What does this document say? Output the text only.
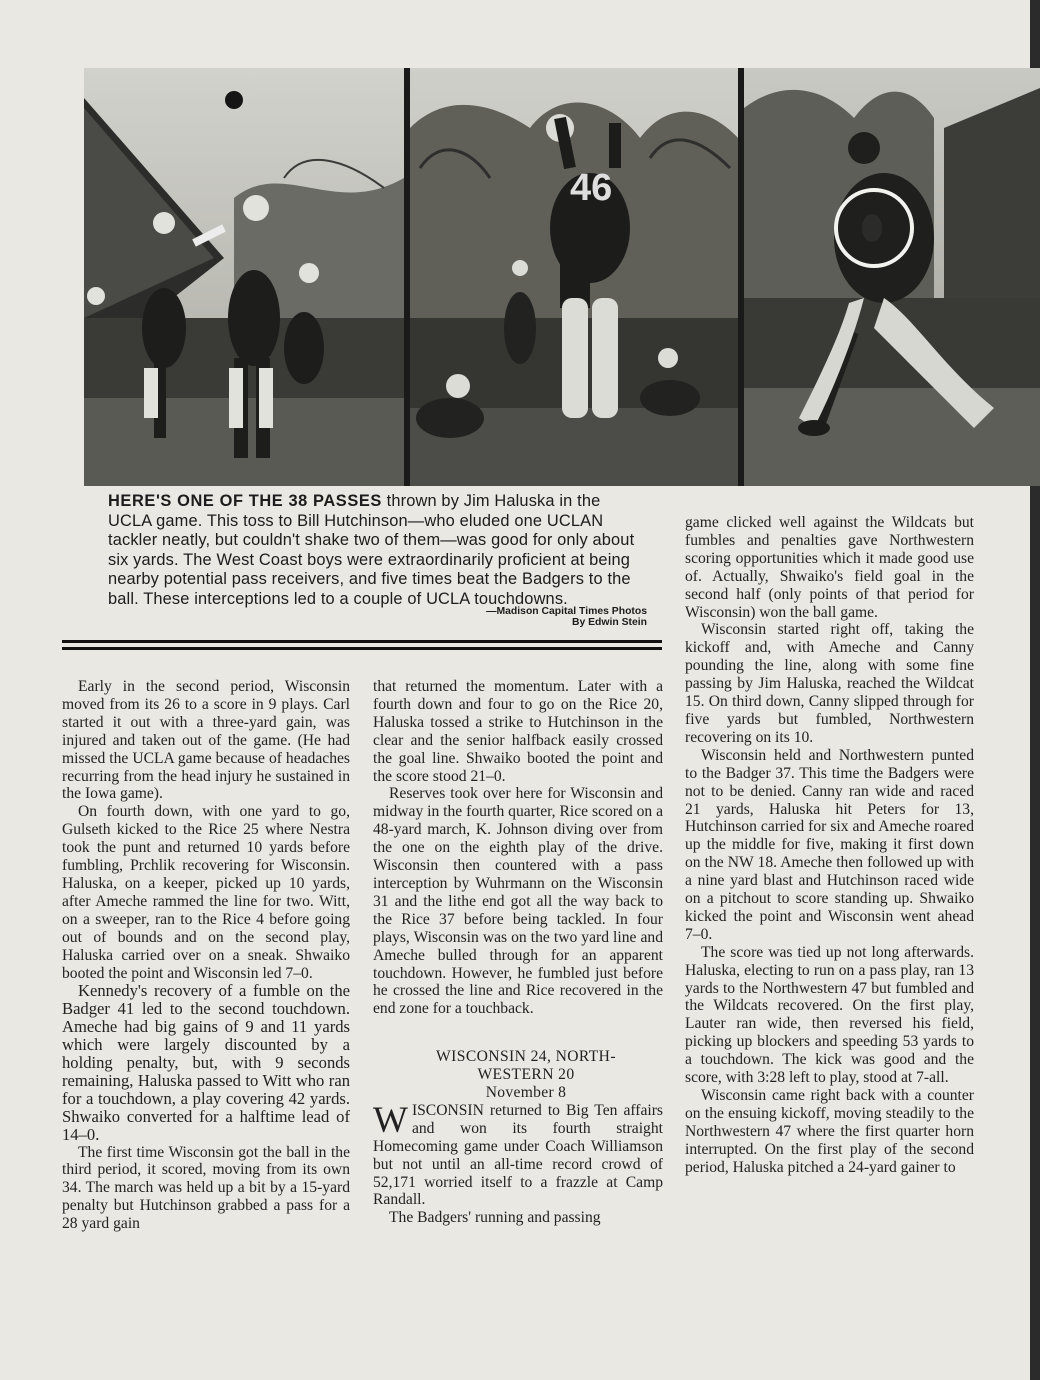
46
HERE'S ONE OF THE 38 PASSES thrown by Jim Haluska in the UCLA game. This toss to Bill Hutchinson—who eluded one UCLAN tackler neatly, but couldn't shake two of them—was good for only about six yards. The West Coast boys were extraordinarily proficient at being nearby potential pass receivers, and five times beat the Badgers to the ball. These interceptions led to a couple of UCLA touchdowns.
—Madison Capital Times Photos
By Edwin Stein

Early in the second period, Wisconsin moved from its 26 to a score in 9 plays. Carl started it out with a three-yard gain, was injured and taken out of the game. (He had missed the UCLA game because of headaches recurring from the head injury he sustained in the Iowa game).

On fourth down, with one yard to go, Gulseth kicked to the Rice 25 where Nestra took the punt and returned 10 yards before fumbling, Prchlik recovering for Wisconsin. Haluska, on a keeper, picked up 10 yards, after Ameche rammed the line for two. Witt, on a sweeper, ran to the Rice 4 before going out of bounds and on the second play, Haluska carried over on a sneak. Shwaiko booted the point and Wisconsin led 7–0.

Kennedy's recovery of a fumble on the Badger 41 led to the second touchdown. Ameche had big gains of 9 and 11 yards which were largely discounted by a holding penalty, but, with 9 seconds remaining, Haluska passed to Witt who ran for a touchdown, a play covering 42 yards. Shwaiko converted for a halftime lead of 14–0.

The first time Wisconsin got the ball in the third period, it scored, moving from its own 34. The march was held up a bit by a 15-yard penalty but Hutchinson grabbed a pass for a 28 yard gain

that returned the momentum. Later with a fourth down and four to go on the Rice 20, Haluska tossed a strike to Hutchinson in the clear and the senior halfback easily crossed the goal line. Shwaiko booted the point and the score stood 21–0.

Reserves took over here for Wisconsin and midway in the fourth quarter, Rice scored on a 48-yard march, K. Johnson diving over from the one on the eighth play of the drive. Wisconsin then countered with a pass interception by Wuhrmann on the Wisconsin 31 and the lithe end got all the way back to the Rice 37 before being tackled. In four plays, Wisconsin was on the two yard line and Ameche bulled through for an apparent touchdown. However, he fumbled just before he crossed the line and Rice recovered in the end zone for a touchback.

WISCONSIN 24, NORTH-

WESTERN 20

November 8

WISCONSIN returned to Big Ten affairs and won its fourth straight Homecoming game under Coach Williamson but not until an all-time record crowd of 52,171 worried itself to a frazzle at Camp Randall.

The Badgers' running and passing

game clicked well against the Wildcats but fumbles and penalties gave Northwestern scoring opportunities which it made good use of. Actually, Shwaiko's field goal in the second half (only points of that period for Wisconsin) won the ball game.

Wisconsin started right off, taking the kickoff and, with Ameche and Canny pounding the line, along with some fine passing by Jim Haluska, reached the Wildcat 15. On third down, Canny slipped through for five yards but fumbled, Northwestern recovering on its 10.

Wisconsin held and Northwestern punted to the Badger 37. This time the Badgers were not to be denied. Canny ran wide and raced 21 yards, Haluska hit Peters for 13, Hutchinson carried for six and Ameche roared up the middle for five, making it first down on the NW 18. Ameche then followed up with a nine yard blast and Hutchinson raced wide on a pitchout to score standing up. Shwaiko kicked the point and Wisconsin went ahead 7–0.

The score was tied up not long afterwards. Haluska, electing to run on a pass play, ran 13 yards to the Northwestern 47 but fumbled and the Wildcats recovered. On the first play, Lauter ran wide, then reversed his field, picking up blockers and speeding 53 yards to a touchdown. The kick was good and the score, with 3:28 left to play, stood at 7-all.

Wisconsin came right back with a counter on the ensuing kickoff, moving steadily to the Northwestern 47 where the first quarter horn interrupted. On the first play of the second period, Haluska pitched a 24-yard gainer to
